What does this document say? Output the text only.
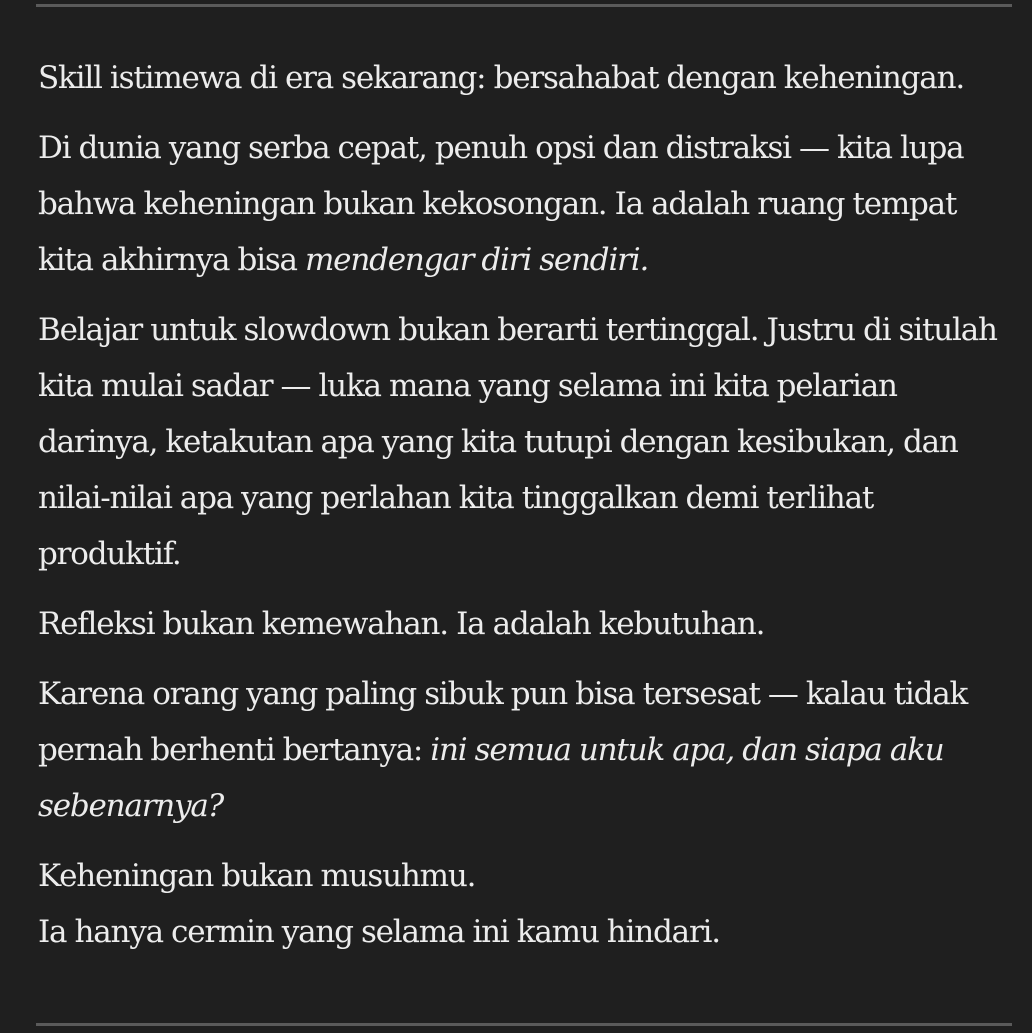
Skill istimewa di era sekarang: bersahabat dengan keheningan.

Di dunia yang serba cepat, penuh opsi dan distraksi — kita lupa bahwa keheningan bukan kekosongan. Ia adalah ruang tempat kita akhirnya bisa mendengar diri sendiri.

Belajar untuk slowdown bukan berarti tertinggal. Justru di situlah kita mulai sadar — luka mana yang selama ini kita pelarian darinya, ketakutan apa yang kita tutupi dengan kesibukan, dan nilai-nilai apa yang perlahan kita tinggalkan demi terlihat produktif.

Refleksi bukan kemewahan. Ia adalah kebutuhan.

Karena orang yang paling sibuk pun bisa tersesat — kalau tidak pernah berhenti bertanya: ini semua untuk apa, dan siapa aku sebenarnya?

Keheningan bukan musuhmu.
Ia hanya cermin yang selama ini kamu hindari.
